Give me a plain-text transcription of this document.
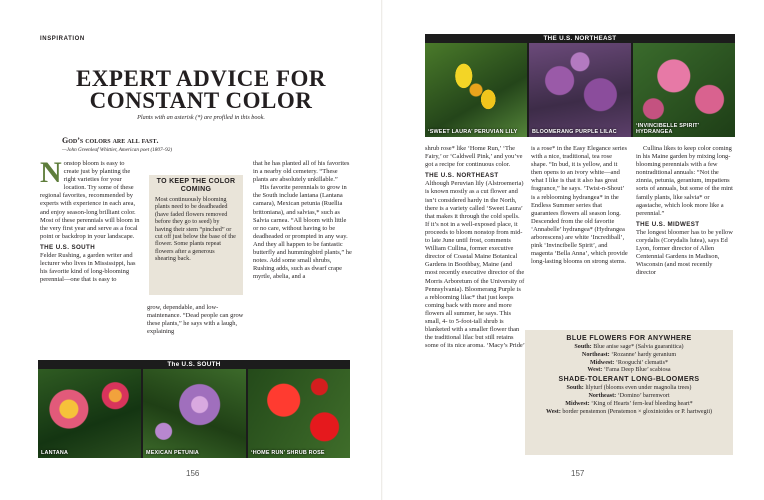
INSPIRATION
EXPERT ADVICE FOR
CONSTANT COLOR
Plants with an asterisk (*) are profiled in this book.
God’s colors are all fast.
—John Greenleaf Whittier, American poet (1807–92)

Nonstop bloom is easy to create just by planting the right varieties for your location. Try some of these regional favorites, recommended by experts with experience in each area, and enjoy season-long brilliant color. Most of these perennials will bloom in the very first year and serve as a focal point or backdrop in your landscape.

THE U.S. SOUTH

Felder Rushing, a garden writer and lecturer who lives in Mississippi, has his favorite kind of long-blooming perennial—one that is easy to

TO KEEP THE COLOR COMING
Most continuously blooming plants need to be deadheaded (have faded flowers removed before they go to seed) by having their stem “pinched” or cut off just below the base of the flower. Some plants repeat flowers after a generous shearing back.

grow, dependable, and low-maintenance. “Dead people can grow these plants,” he says with a laugh, explaining

that he has planted all of his favorites in a nearby old cemetery. “These plants are absolutely unkillable.”

His favorite perennials to grow in the South include lantana (Lantana camara), Mexican petunia (Ruellia brittoniana), and salvias,* such as Salvia carnea. “All bloom with little or no care, without having to be deadheaded or prompted in any way. And they all happen to be fantastic butterfly and hummingbird plants,” he notes. Add some small shrubs, Rushing adds, such as dwarf crape myrtle, abelia, and a

The U.S. SOUTH
LANTANA	MEXICAN PETUNIA	‘HOME RUN’ SHRUB ROSE
156
THE U.S. NORTHEAST
‘SWEET LAURA’ PERUVIAN LILY	BLOOMERANG PURPLE LILAC
‘INVINCIBELLE SPIRIT’ HYDRANGEA

shrub rose* like ‘Home Run,’ ‘The Fairy,’ or ‘Caldwell Pink,’ and you’ve got a recipe for continuous color.

THE U.S. NORTHEAST

Although Peruvian lily (Alstroemeria) is known mostly as a cut flower and isn’t considered hardy in the North, there is a variety called ‘Sweet Laura’ that makes it through the cold spells. If it’s not in a well-exposed place, it proceeds to bloom nonstop from mid- to late June until frost, comments William Cullina, former executive director of Coastal Maine Botanical Gardens in Boothbay, Maine (and most recently executive director of the Morris Arboretum of the University of Pennsylvania). Bloomerang Purple is a reblooming lilac* that just keeps coming back with more and more flowers all summer, he says. This small, 4- to 5-foot-tall shrub is blanketed with a smaller flower than the traditional lilac but still retains some of its nice aroma. ‘Macy’s Pride’

is a rose* in the Easy Elegance series with a nice, traditional, tea rose shape. “In bud, it is yellow, and it then opens to an ivory white—and what I like is that it also has great fragrance,” he says. ‘Twist-n-Shout’ is a reblooming hydrangea* in the Endless Summer series that guarantees flowers all season long. Descended from the old favorite ‘Annabelle’ hydrangea* (Hydrangea arborescens) are white ‘Incrediball’, pink ‘Invincibelle Spirit’, and magenta ‘Bella Anna’, which provide long-lasting blooms on strong stems.

Cullina likes to keep color coming in his Maine garden by mixing long-blooming perennials with a few nontraditional annuals: “Not the zinnia, petunia, geranium, impatiens sorts of annuals, but some of the mint family plants, like salvia* or agastache, which look more like a perennial.”

THE U.S. MIDWEST

The longest bloomer has to be yellow corydalis (Corydalis lutea), says Ed Lyon, former director of Allen Centennial Gardens in Madison, Wisconsin (and most recently director

BLUE FLOWERS FOR ANYWHERE
South: Blue anise sage* (Salvia guaranitica)
Northeast: ‘Rozanne’ hardy geranium
Midwest: ‘Rooguchi’ clematis*
West: ‘Fama Deep Blue’ scabiosa
SHADE-TOLERANT LONG-BLOOMERS
South: lilyturf (blooms even under magnolia trees)
Northeast: ‘Domino’ barrenwort
Midwest: ‘King of Hearts’ fern-leaf bleeding heart*
West: border penstemon (Penstemon × gloxinioides or P. hartwegii)
157
